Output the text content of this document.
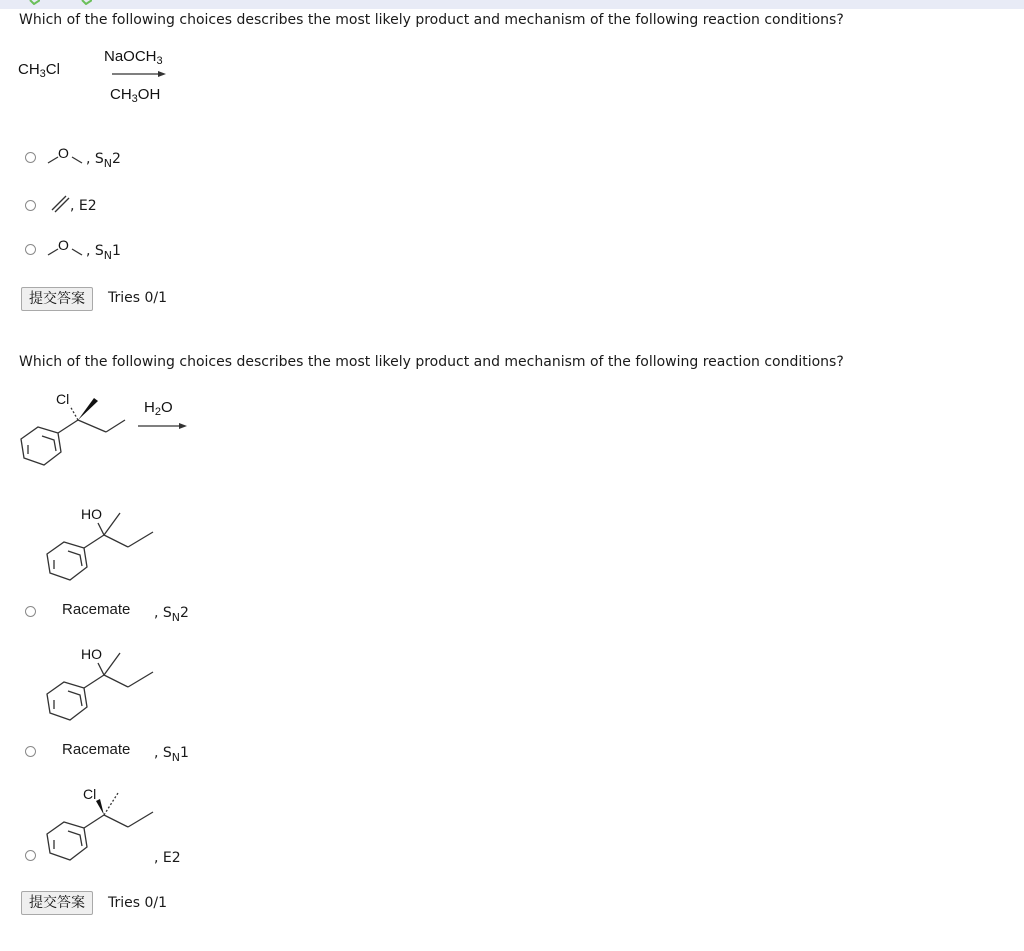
Which of the following choices describes the most likely product and mechanism of the following reaction conditions?
$CH_3Cl$
NaOCH$_3$
$CH_3OH$
O , $S_N2$
, E2
O , $S_N1$
提交答案	Tries 0/1
Which of the following choices describes the most likely product and mechanism of the following reaction conditions?
Cl	$H_2O$
HO
Racemate , $S_N2$
HO
Racemate , $S_N1$
Cl
, E2
提交答案	Tries 0/1
